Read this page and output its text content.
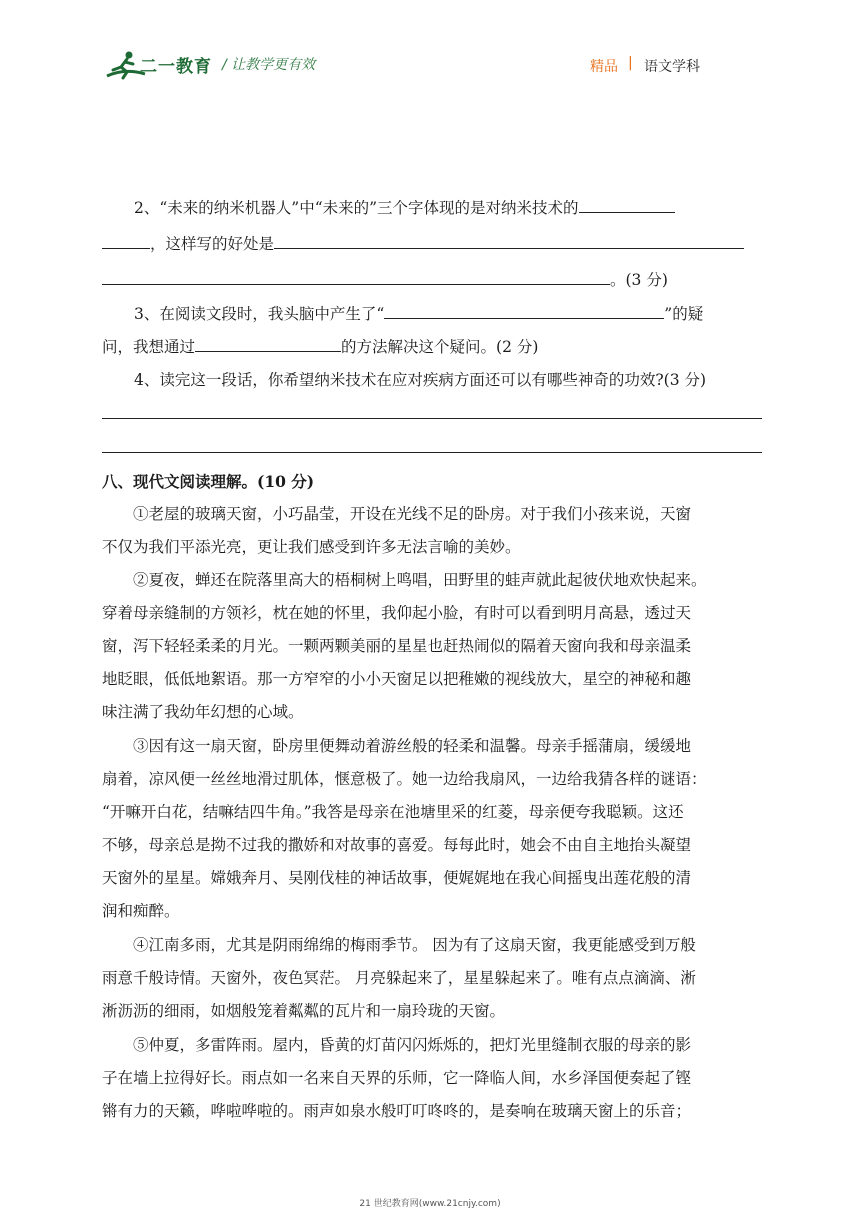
二一教育 / 让教学更有效	精品 | 语文学科
2、“未来的纳米机器人”中“未来的”三个字体现的是对纳米技术的
，这样写的好处是
。(3 分)
3、在阅读文段时，我头脑中产生了“	”的疑
问，我想通过	的方法解决这个疑问。(2 分)
4、读完这一段话，你希望纳米技术在应对疾病方面还可以有哪些神奇的功效?(3 分)
八、现代文阅读理解。(10 分)
①老屋的玻璃天窗，小巧晶莹，开设在光线不足的卧房。对于我们小孩来说，天窗
不仅为我们平添光亮，更让我们感受到许多无法言喻的美妙。
②夏夜，蝉还在院落里高大的梧桐树上鸣唱，田野里的蛙声就此起彼伏地欢快起来。
穿着母亲缝制的方领衫，枕在她的怀里，我仰起小脸，有时可以看到明月高悬，透过天
窗，泻下轻轻柔柔的月光。一颗两颗美丽的星星也赶热闹似的隔着天窗向我和母亲温柔
地眨眼，低低地絮语。那一方窄窄的小小天窗足以把稚嫩的视线放大，星空的神秘和趣
味注满了我幼年幻想的心域。
③因有这一扇天窗，卧房里便舞动着游丝般的轻柔和温馨。母亲手摇蒲扇，缓缓地
扇着，凉风便一丝丝地滑过肌体，惬意极了。她一边给我扇风，一边给我猜各样的谜语：
“开嘛开白花，结嘛结四牛角。”我答是母亲在池塘里采的红菱，母亲便夸我聪颖。这还
不够，母亲总是拗不过我的撒娇和对故事的喜爱。每每此时，她会不由自主地抬头凝望
天窗外的星星。嫦娥奔月、吴刚伐桂的神话故事，便娓娓地在我心间摇曳出莲花般的清
润和痴醉。
④江南多雨，尤其是阴雨绵绵的梅雨季节。 因为有了这扇天窗，我更能感受到万般
雨意千般诗情。天窗外，夜色冥茫。 月亮躲起来了，星星躲起来了。唯有点点滴滴、淅
淅沥沥的细雨，如烟般笼着粼粼的瓦片和一扇玲珑的天窗。
⑤仲夏，多雷阵雨。屋内，昏黄的灯苗闪闪烁烁的，把灯光里缝制衣服的母亲的影
子在墙上拉得好长。雨点如一名来自天界的乐师，它一降临人间，水乡泽国便奏起了铿
锵有力的天籁，哗啦哗啦的。雨声如泉水般叮叮咚咚的，是奏响在玻璃天窗上的乐音；
21 世纪教育网(www.21cnjy.com)
